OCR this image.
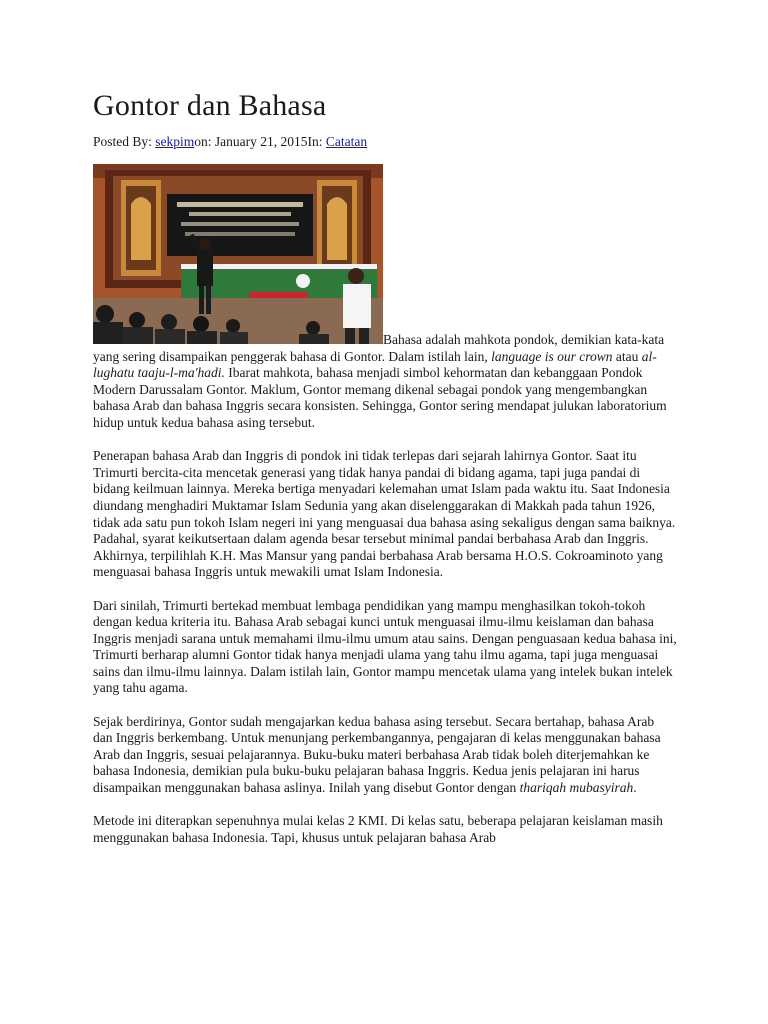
Gontor dan Bahasa
Posted By: sekpimon: January 21, 2015In: Catatan

Bahasa adalah mahkota pondok, demikian kata-kata yang sering disampaikan penggerak bahasa di Gontor. Dalam istilah lain, language is our crown atau al-lughatu taaju-l-ma'hadi. Ibarat mahkota, bahasa menjadi simbol kehormatan dan kebanggaan Pondok Modern Darussalam Gontor. Maklum, Gontor memang dikenal sebagai pondok yang mengembangkan bahasa Arab dan bahasa Inggris secara konsisten. Sehingga, Gontor sering mendapat julukan laboratorium hidup untuk kedua bahasa asing tersebut.

Penerapan bahasa Arab dan Inggris di pondok ini tidak terlepas dari sejarah lahirnya Gontor. Saat itu Trimurti bercita-cita mencetak generasi yang tidak hanya pandai di bidang agama, tapi juga pandai di bidang keilmuan lainnya. Mereka bertiga menyadari kelemahan umat Islam pada waktu itu. Saat Indonesia diundang menghadiri Muktamar Islam Sedunia yang akan diselenggarakan di Makkah pada tahun 1926, tidak ada satu pun tokoh Islam negeri ini yang menguasai dua bahasa asing sekaligus dengan sama baiknya. Padahal, syarat keikutsertaan dalam agenda besar tersebut minimal pandai berbahasa Arab dan Inggris. Akhirnya, terpilihlah K.H. Mas Mansur yang pandai berbahasa Arab bersama H.O.S. Cokroaminoto yang menguasai bahasa Inggris untuk mewakili umat Islam Indonesia.

Dari sinilah, Trimurti bertekad membuat lembaga pendidikan yang mampu menghasilkan tokoh-tokoh dengan kedua kriteria itu. Bahasa Arab sebagai kunci untuk menguasai ilmu-ilmu keislaman dan bahasa Inggris menjadi sarana untuk memahami ilmu-ilmu umum atau sains. Dengan penguasaan kedua bahasa ini, Trimurti berharap alumni Gontor tidak hanya menjadi ulama yang tahu ilmu agama, tapi juga menguasai sains dan ilmu-ilmu lainnya. Dalam istilah lain, Gontor mampu mencetak ulama yang intelek bukan intelek yang tahu agama.

Sejak berdirinya, Gontor sudah mengajarkan kedua bahasa asing tersebut. Secara bertahap, bahasa Arab dan Inggris berkembang. Untuk menunjang perkembangannya, pengajaran di kelas menggunakan bahasa Arab dan Inggris, sesuai pelajarannya. Buku-buku materi berbahasa Arab tidak boleh diterjemahkan ke bahasa Indonesia, demikian pula buku-buku pelajaran bahasa Inggris. Kedua jenis pelajaran ini harus disampaikan menggunakan bahasa aslinya. Inilah yang disebut Gontor dengan thariqah mubasyirah.

Metode ini diterapkan sepenuhnya mulai kelas 2 KMI. Di kelas satu, beberapa pelajaran keislaman masih menggunakan bahasa Indonesia. Tapi, khusus untuk pelajaran bahasa Arab
